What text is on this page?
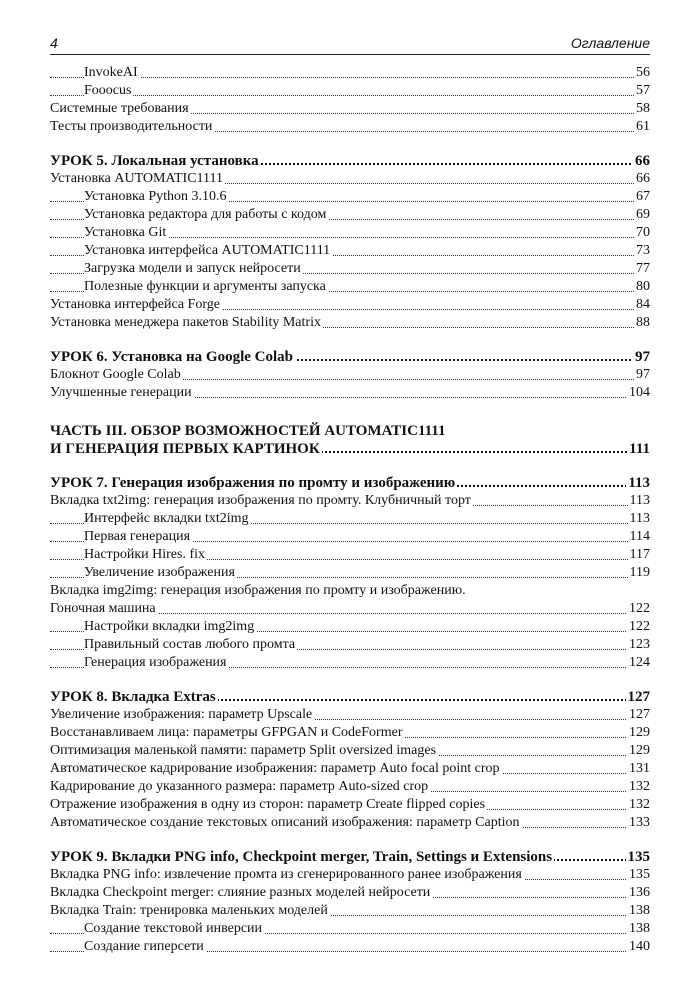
4	Оглавление
InvokeAI	56
Fooocus	57
Системные требования	58
Тесты производительности	61
УРОК 5. Локальная установка	66
Установка AUTOMATIC1111	66
Установка Python 3.10.6	67
Установка редактора для работы с кодом	69
Установка Git	70
Установка интерфейса AUTOMATIC1111	73
Загрузка модели и запуск нейросети	77
Полезные функции и аргументы запуска	80
Установка интерфейса Forge	84
Установка менеджера пакетов Stability Matrix	88
УРОК 6. Установка на Google Colab	97
Блокнот Google Colab	97
Улучшенные генерации	104
ЧАСТЬ III. ОБЗОР ВОЗМОЖНОСТЕЙ AUTOMATIC1111
И ГЕНЕРАЦИЯ ПЕРВЫХ КАРТИНОК	111
УРОК 7. Генерация изображения по промту и изображению	113
Вкладка txt2img: генерация изображения по промту. Клубничный торт	113
Интерфейс вкладки txt2img	113
Первая генерация	114
Настройки Hires. fix	117
Увеличение изображения	119
Вкладка img2img: генерация изображения по промту и изображению.
Гоночная машина	122
Настройки вкладки img2img	122
Правильный состав любого промта	123
Генерация изображения	124
УРОК 8. Вкладка Extras	127
Увеличение изображения: параметр Upscale	127
Восстанавливаем лица: параметры GFPGAN и CodeFormer	129
Оптимизация маленькой памяти: параметр Split oversized images	129
Автоматическое кадрирование изображения: параметр Auto focal point crop	131
Кадрирование до указанного размера: параметр Auto-sized crop	132
Отражение изображения в одну из сторон: параметр Create flipped copies	132
Автоматическое создание текстовых описаний изображения: параметр Caption	133
УРОК 9. Вкладки PNG info, Checkpoint merger, Train, Settings и Extensions	135
Вкладка PNG info: извлечение промта из сгенерированного ранее изображения	135
Вкладка Checkpoint merger: слияние разных моделей нейросети	136
Вкладка Train: тренировка маленьких моделей	138
Создание текстовой инверсии	138
Создание гиперсети	140
